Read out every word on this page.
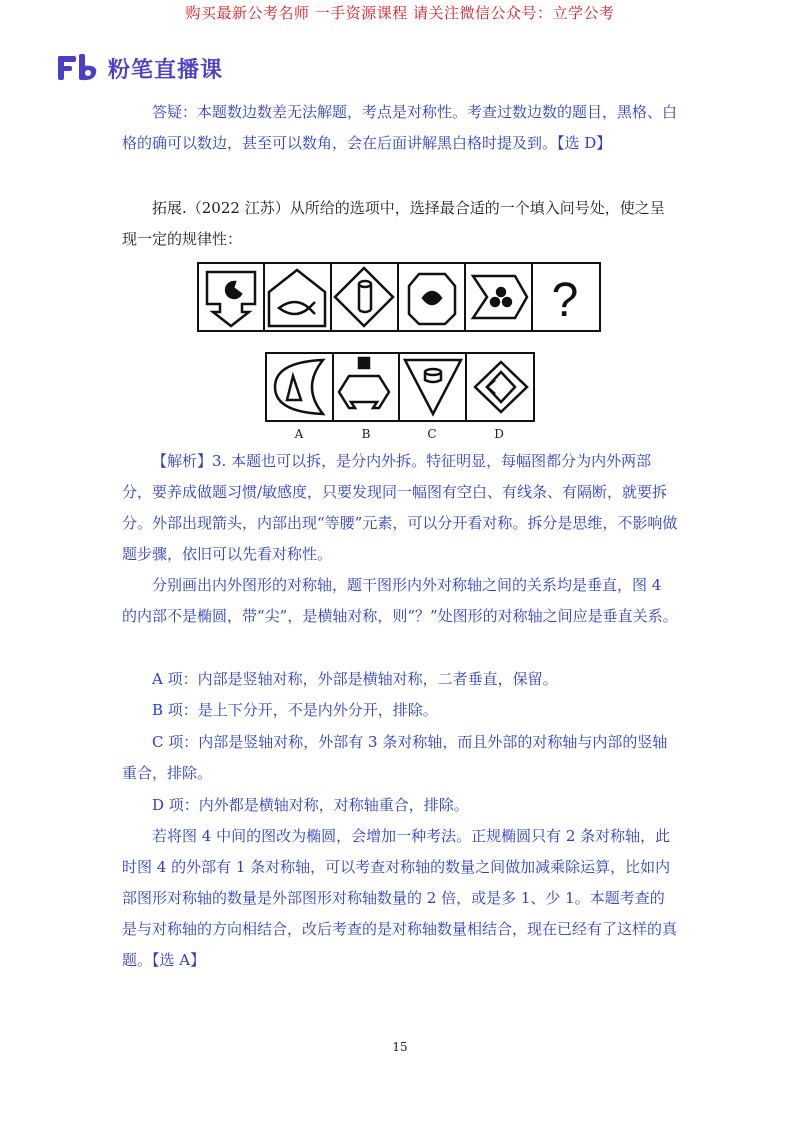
购买最新公考名师 一手资源课程 请关注微信公众号：立学公考
Fb
粉笔直播课

答疑：本题数边数差无法解题，考点是对称性。考查过数边数的题目，黑格、白格的确可以数边，甚至可以数角，会在后面讲解黑白格时提及到。【选 D】

拓展.（2022 江苏）从所给的选项中，选择最合适的一个填入问号处，使之呈现一定的规律性：

?
A	B	C	D

【解析】3. 本题也可以拆，是分内外拆。特征明显，每幅图都分为内外两部分，要养成做题习惯/敏感度，只要发现同一幅图有空白、有线条、有隔断，就要拆分。外部出现箭头，内部出现“等腰”元素，可以分开看对称。拆分是思维，不影响做题步骤，依旧可以先看对称性。

分别画出内外图形的对称轴，题干图形内外对称轴之间的关系均是垂直，图 4 的内部不是椭圆，带“尖”，是横轴对称，则“？”处图形的对称轴之间应是垂直关系。

A 项：内部是竖轴对称，外部是横轴对称，二者垂直，保留。

B 项：是上下分开，不是内外分开，排除。

C 项：内部是竖轴对称，外部有 3 条对称轴，而且外部的对称轴与内部的竖轴重合，排除。

D 项：内外都是横轴对称，对称轴重合，排除。

若将图 4 中间的图改为椭圆，会增加一种考法。正规椭圆只有 2 条对称轴，此时图 4 的外部有 1 条对称轴，可以考查对称轴的数量之间做加减乘除运算，比如内部图形对称轴的数量是外部图形对称轴数量的 2 倍，或是多 1、少 1。本题考查的是与对称轴的方向相结合，改后考查的是对称轴数量相结合，现在已经有了这样的真题。【选 A】

15
